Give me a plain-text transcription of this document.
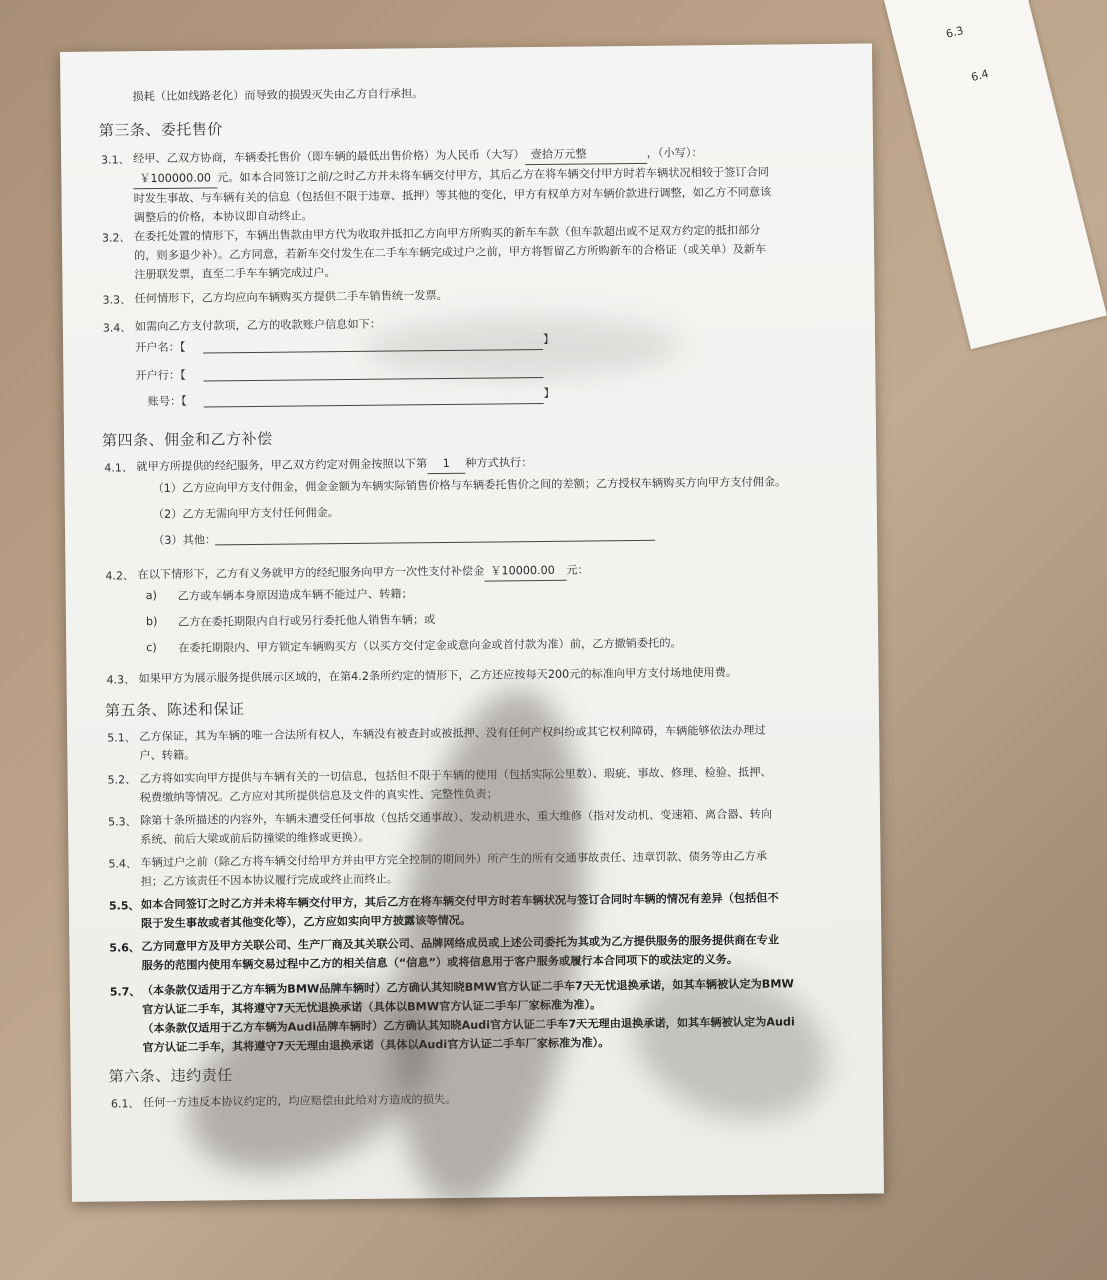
6.3
6.4
损耗（比如线路老化）而导致的损毁灭失由乙方自行承担。
第三条、委托售价
3.1、 经甲、乙双方协商，车辆委托售价（即车辆的最低出售价格）为人民币（大写） 壹拾万元整	，（小写）：
￥100000.00 元。如本合同签订之前/之时乙方并未将车辆交付甲方，其后乙方在将车辆交付甲方时若车辆状况相较于签订合同
时发生事故、与车辆有关的信息（包括但不限于违章、抵押）等其他的变化，甲方有权单方对车辆价款进行调整，如乙方不同意该
调整后的价格，本协议即自动终止。
3.2、 在委托处置的情形下，车辆出售款由甲方代为收取并抵扣乙方向甲方所购买的新车车款（但车款超出或不足双方约定的抵扣部分
的，则多退少补）。乙方同意，若新车交付发生在二手车车辆完成过户之前，甲方将暂留乙方所购新车的合格证（或关单）及新车
注册联发票，直至二手车车辆完成过户。
3.3、 任何情形下，乙方均应向车辆购买方提供二手车销售统一发票。
3.4、 如需向乙方支付款项，乙方的收款账户信息如下：
开户名：【
】
开户行：【
账号：【
】
第四条、佣金和乙方补偿
4.1、 就甲方所提供的经纪服务，甲乙双方约定对佣金按照以下第 1 种方式执行：
（1）乙方应向甲方支付佣金，佣金金额为车辆实际销售价格与车辆委托售价之间的差额；乙方授权车辆购买方向甲方支付佣金。
（2）乙方无需向甲方支付任何佣金。
（3）其他：
4.2、 在以下情形下，乙方有义务就甲方的经纪服务向甲方一次性支付补偿金 ￥10000.00 元：
a) 乙方或车辆本身原因造成车辆不能过户、转籍；
b) 乙方在委托期限内自行或另行委托他人销售车辆；或
c) 在委托期限内、甲方锁定车辆购买方（以买方交付定金或意向金或首付款为准）前，乙方撤销委托的。
4.3、 如果甲方为展示服务提供展示区域的，在第4.2条所约定的情形下，乙方还应按每天200元的标准向甲方支付场地使用费。
第五条、陈述和保证
5.1、 乙方保证，其为车辆的唯一合法所有权人，车辆没有被查封或被抵押、没有任何产权纠纷或其它权利障碍，车辆能够依法办理过
户、转籍。
5.2、 乙方将如实向甲方提供与车辆有关的一切信息，包括但不限于车辆的使用（包括实际公里数）、瑕疵、事故、修理、检验、抵押、
税费缴纳等情况。乙方应对其所提供信息及文件的真实性、完整性负责；
5.3、 除第十条所描述的内容外，车辆未遭受任何事故（包括交通事故）、发动机进水、重大维修（指对发动机、变速箱、离合器、转向
系统、前后大梁或前后防撞梁的维修或更换）。
5.4、 车辆过户之前（除乙方将车辆交付给甲方并由甲方完全控制的期间外）所产生的所有交通事故责任、违章罚款、债务等由乙方承
担；乙方该责任不因本协议履行完成或终止而终止。
5.5、 如本合同签订之时乙方并未将车辆交付甲方，其后乙方在将车辆交付甲方时若车辆状况与签订合同时车辆的情况有差异（包括但不
限于发生事故或者其他变化等），乙方应如实向甲方披露该等情况。
5.6、 乙方同意甲方及甲方关联公司、生产厂商及其关联公司、品牌网络成员或上述公司委托为其或为乙方提供服务的服务提供商在专业
服务的范围内使用车辆交易过程中乙方的相关信息（“信息”）或将信息用于客户服务或履行本合同项下的或法定的义务。
5.7、 （本条款仅适用于乙方车辆为BMW品牌车辆时）乙方确认其知晓BMW官方认证二手车7天无忧退换承诺，如其车辆被认定为BMW
官方认证二手车，其将遵守7天无忧退换承诺（具体以BMW官方认证二手车厂家标准为准）。
（本条款仅适用于乙方车辆为Audi品牌车辆时）乙方确认其知晓Audi官方认证二手车7天无理由退换承诺，如其车辆被认定为Audi
官方认证二手车，其将遵守7天无理由退换承诺（具体以Audi官方认证二手车厂家标准为准）。
第六条、违约责任
6.1、 任何一方违反本协议约定的，均应赔偿由此给对方造成的损失。
